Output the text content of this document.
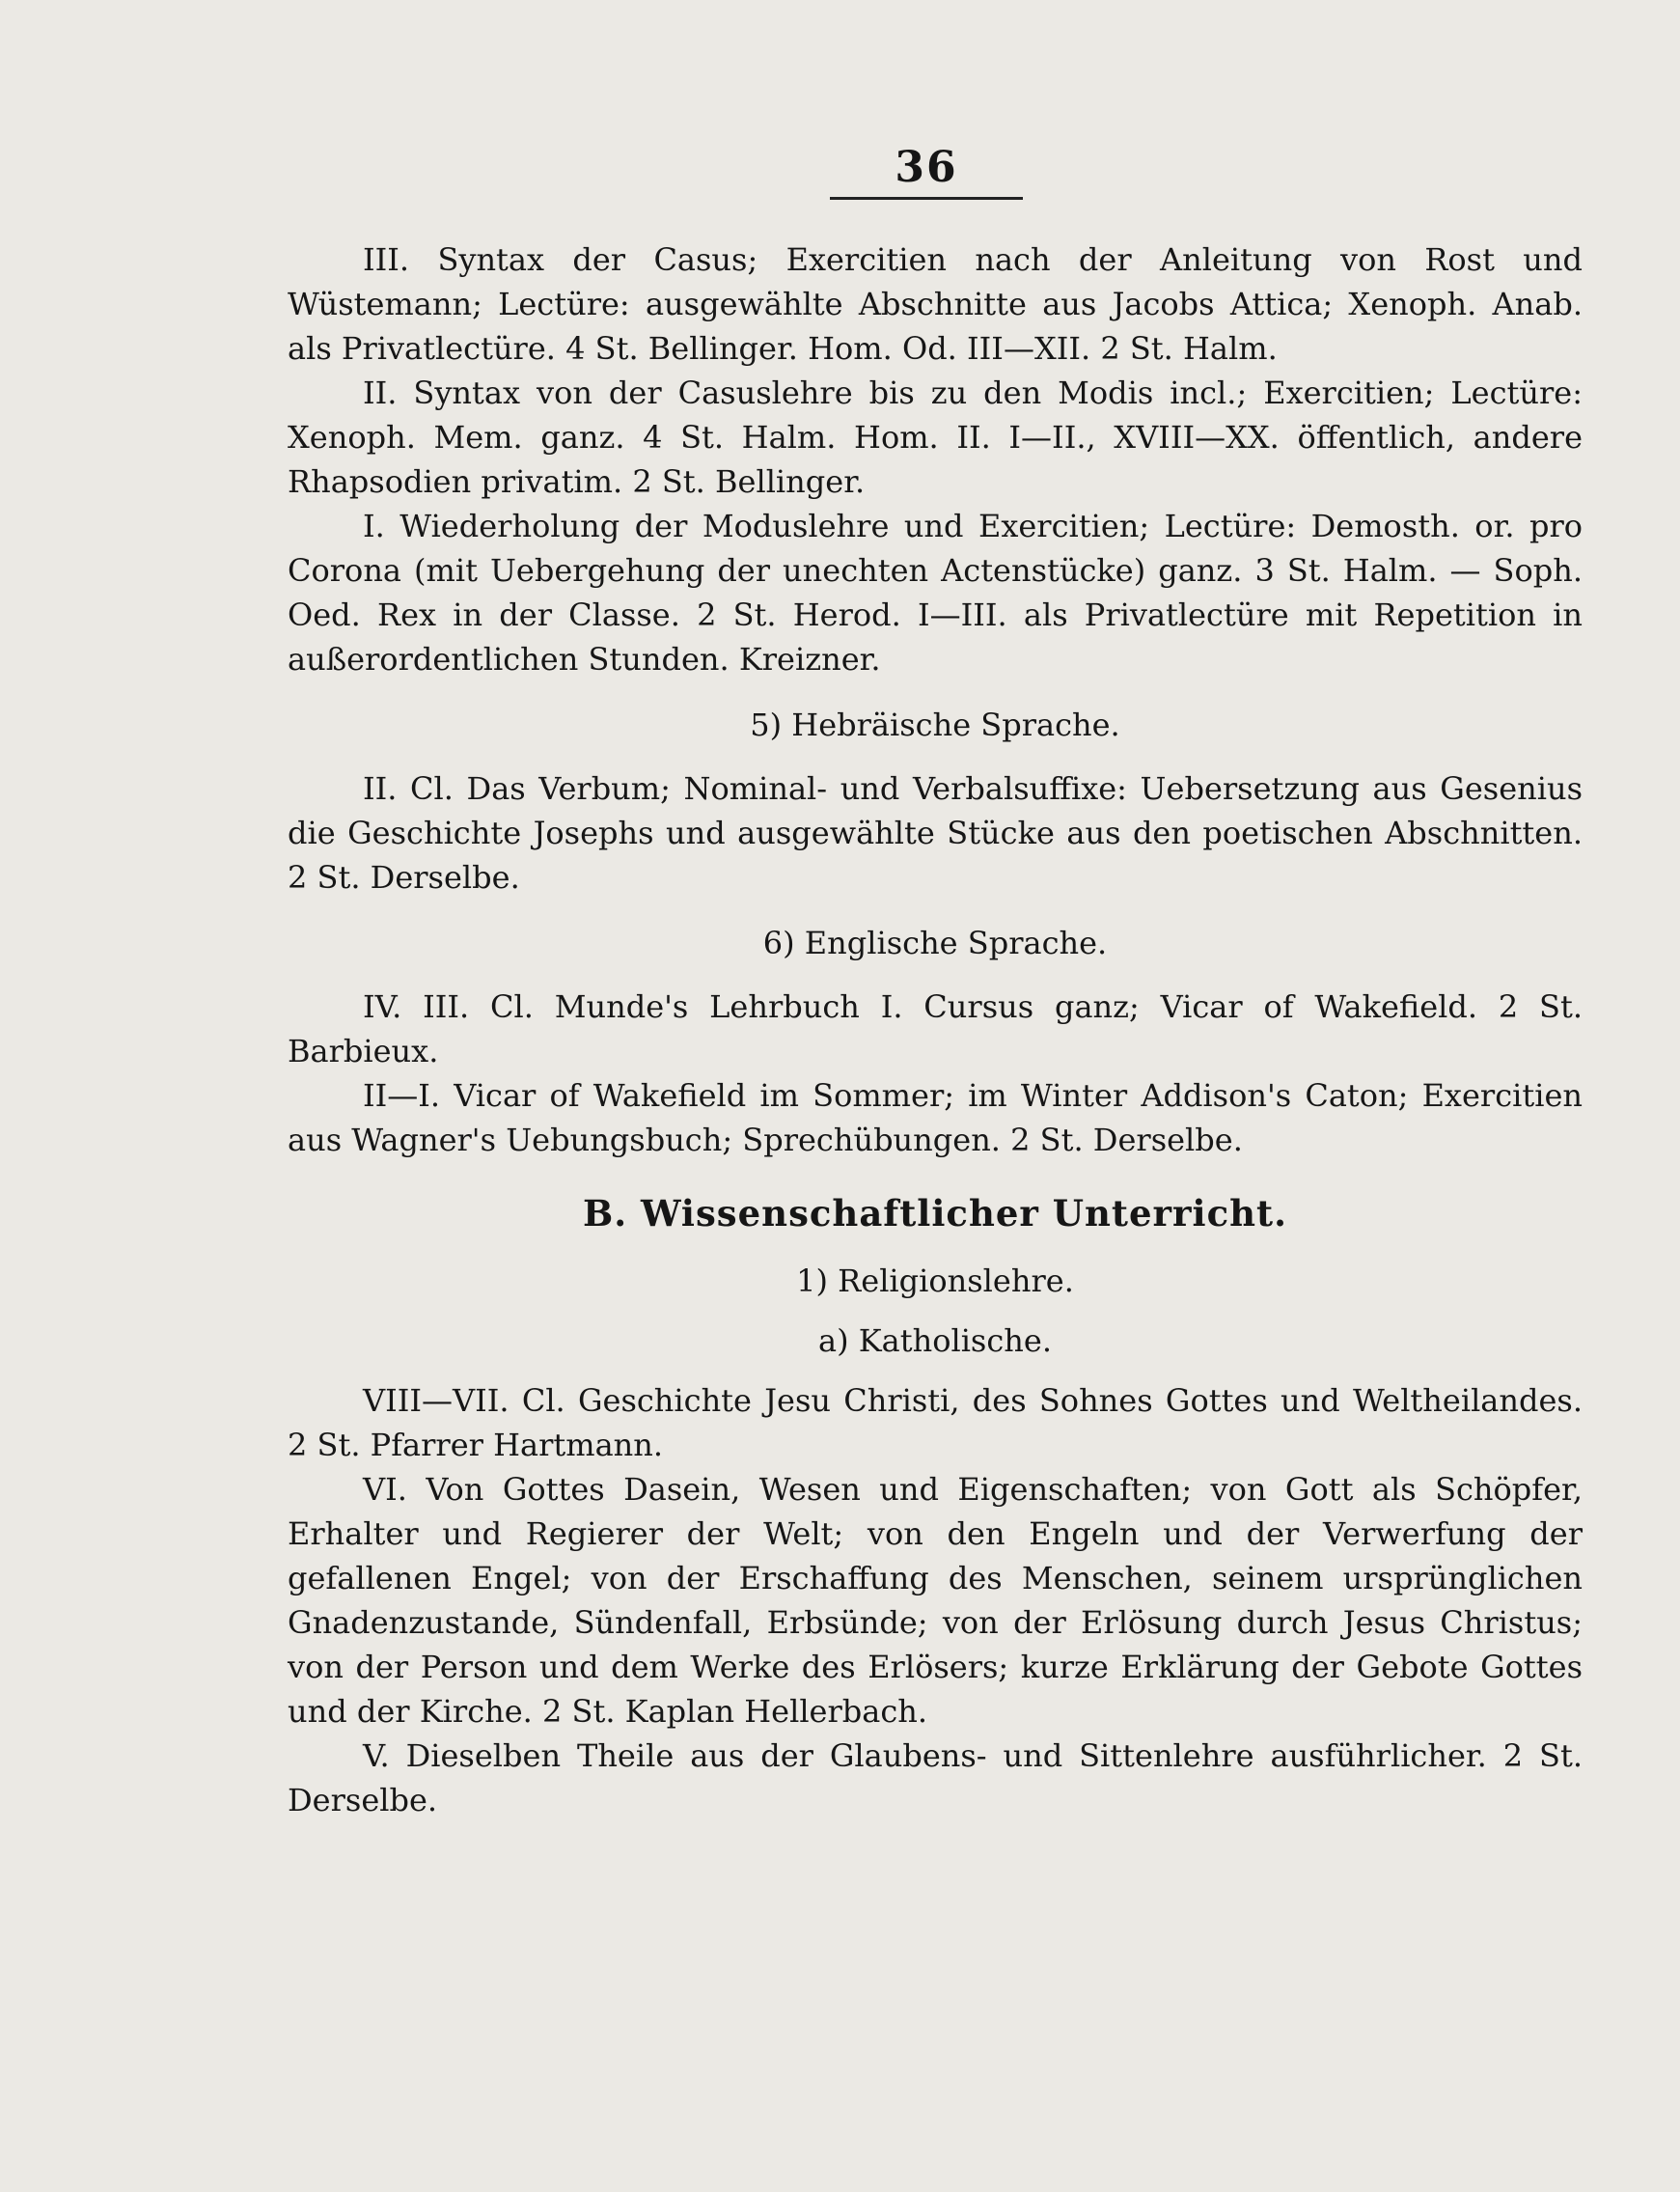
36

III. Syntax der Casus; Exercitien nach der Anleitung von Rost und Wüstemann; Lectüre: ausgewählte Abschnitte aus Jacobs Attica; Xenoph. Anab. als Privatlectüre. 4 St. Bellinger. Hom. Od. III—XII. 2 St. Halm.

II. Syntax von der Casuslehre bis zu den Modis incl.; Exercitien; Lectüre: Xenoph. Mem. ganz. 4 St. Halm. Hom. II. I—II., XVIII—XX. öffentlich, andere Rhapsodien privatim. 2 St. Bellinger.

I. Wiederholung der Moduslehre und Exercitien; Lectüre: Demosth. or. pro Corona (mit Uebergehung der unechten Actenstücke) ganz. 3 St. Halm. — Soph. Oed. Rex in der Classe. 2 St. Herod. I—III. als Privatlectüre mit Repetition in außerordentlichen Stunden. Kreizner.

5) Hebräische Sprache.

II. Cl. Das Verbum; Nominal- und Verbalsuffixe: Uebersetzung aus Gesenius die Geschichte Josephs und ausgewählte Stücke aus den poetischen Abschnitten. 2 St. Derselbe.

6) Englische Sprache.

IV. III. Cl. Munde's Lehrbuch I. Cursus ganz; Vicar of Wakefield. 2 St. Barbieux.

II—I. Vicar of Wakefield im Sommer; im Winter Addison's Caton; Exercitien aus Wagner's Uebungsbuch; Sprechübungen. 2 St. Derselbe.

B. Wissenschaftlicher Unterricht.
1) Religionslehre.
a) Katholische.

VIII—VII. Cl. Geschichte Jesu Christi, des Sohnes Gottes und Weltheilandes. 2 St. Pfarrer Hartmann.

VI. Von Gottes Dasein, Wesen und Eigenschaften; von Gott als Schöpfer, Erhalter und Regierer der Welt; von den Engeln und der Verwerfung der gefallenen Engel; von der Erschaffung des Menschen, seinem ursprünglichen Gnadenzustande, Sündenfall, Erbsünde; von der Erlösung durch Jesus Christus; von der Person und dem Werke des Erlösers; kurze Erklärung der Gebote Gottes und der Kirche. 2 St. Kaplan Hellerbach.

V. Dieselben Theile aus der Glaubens- und Sittenlehre ausführlicher. 2 St. Derselbe.
